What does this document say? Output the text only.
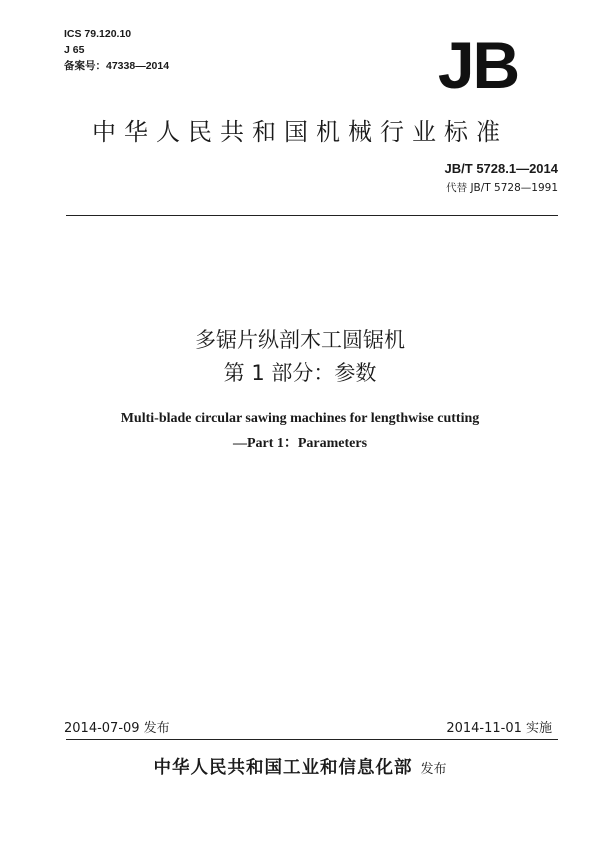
ICS 79.120.10
J 65
备案号：47338—2014	JB
中华人民共和国机械行业标准
JB/T 5728.1—2014
代替 JB/T 5728—1991
多锯片纵剖木工圆锯机
第 1 部分：参数
Multi-blade circular sawing machines for lengthwise cutting
—Part 1：Parameters
2014-07-09 发布	2014-11-01 实施
中华人民共和国工业和信息化部 发布
